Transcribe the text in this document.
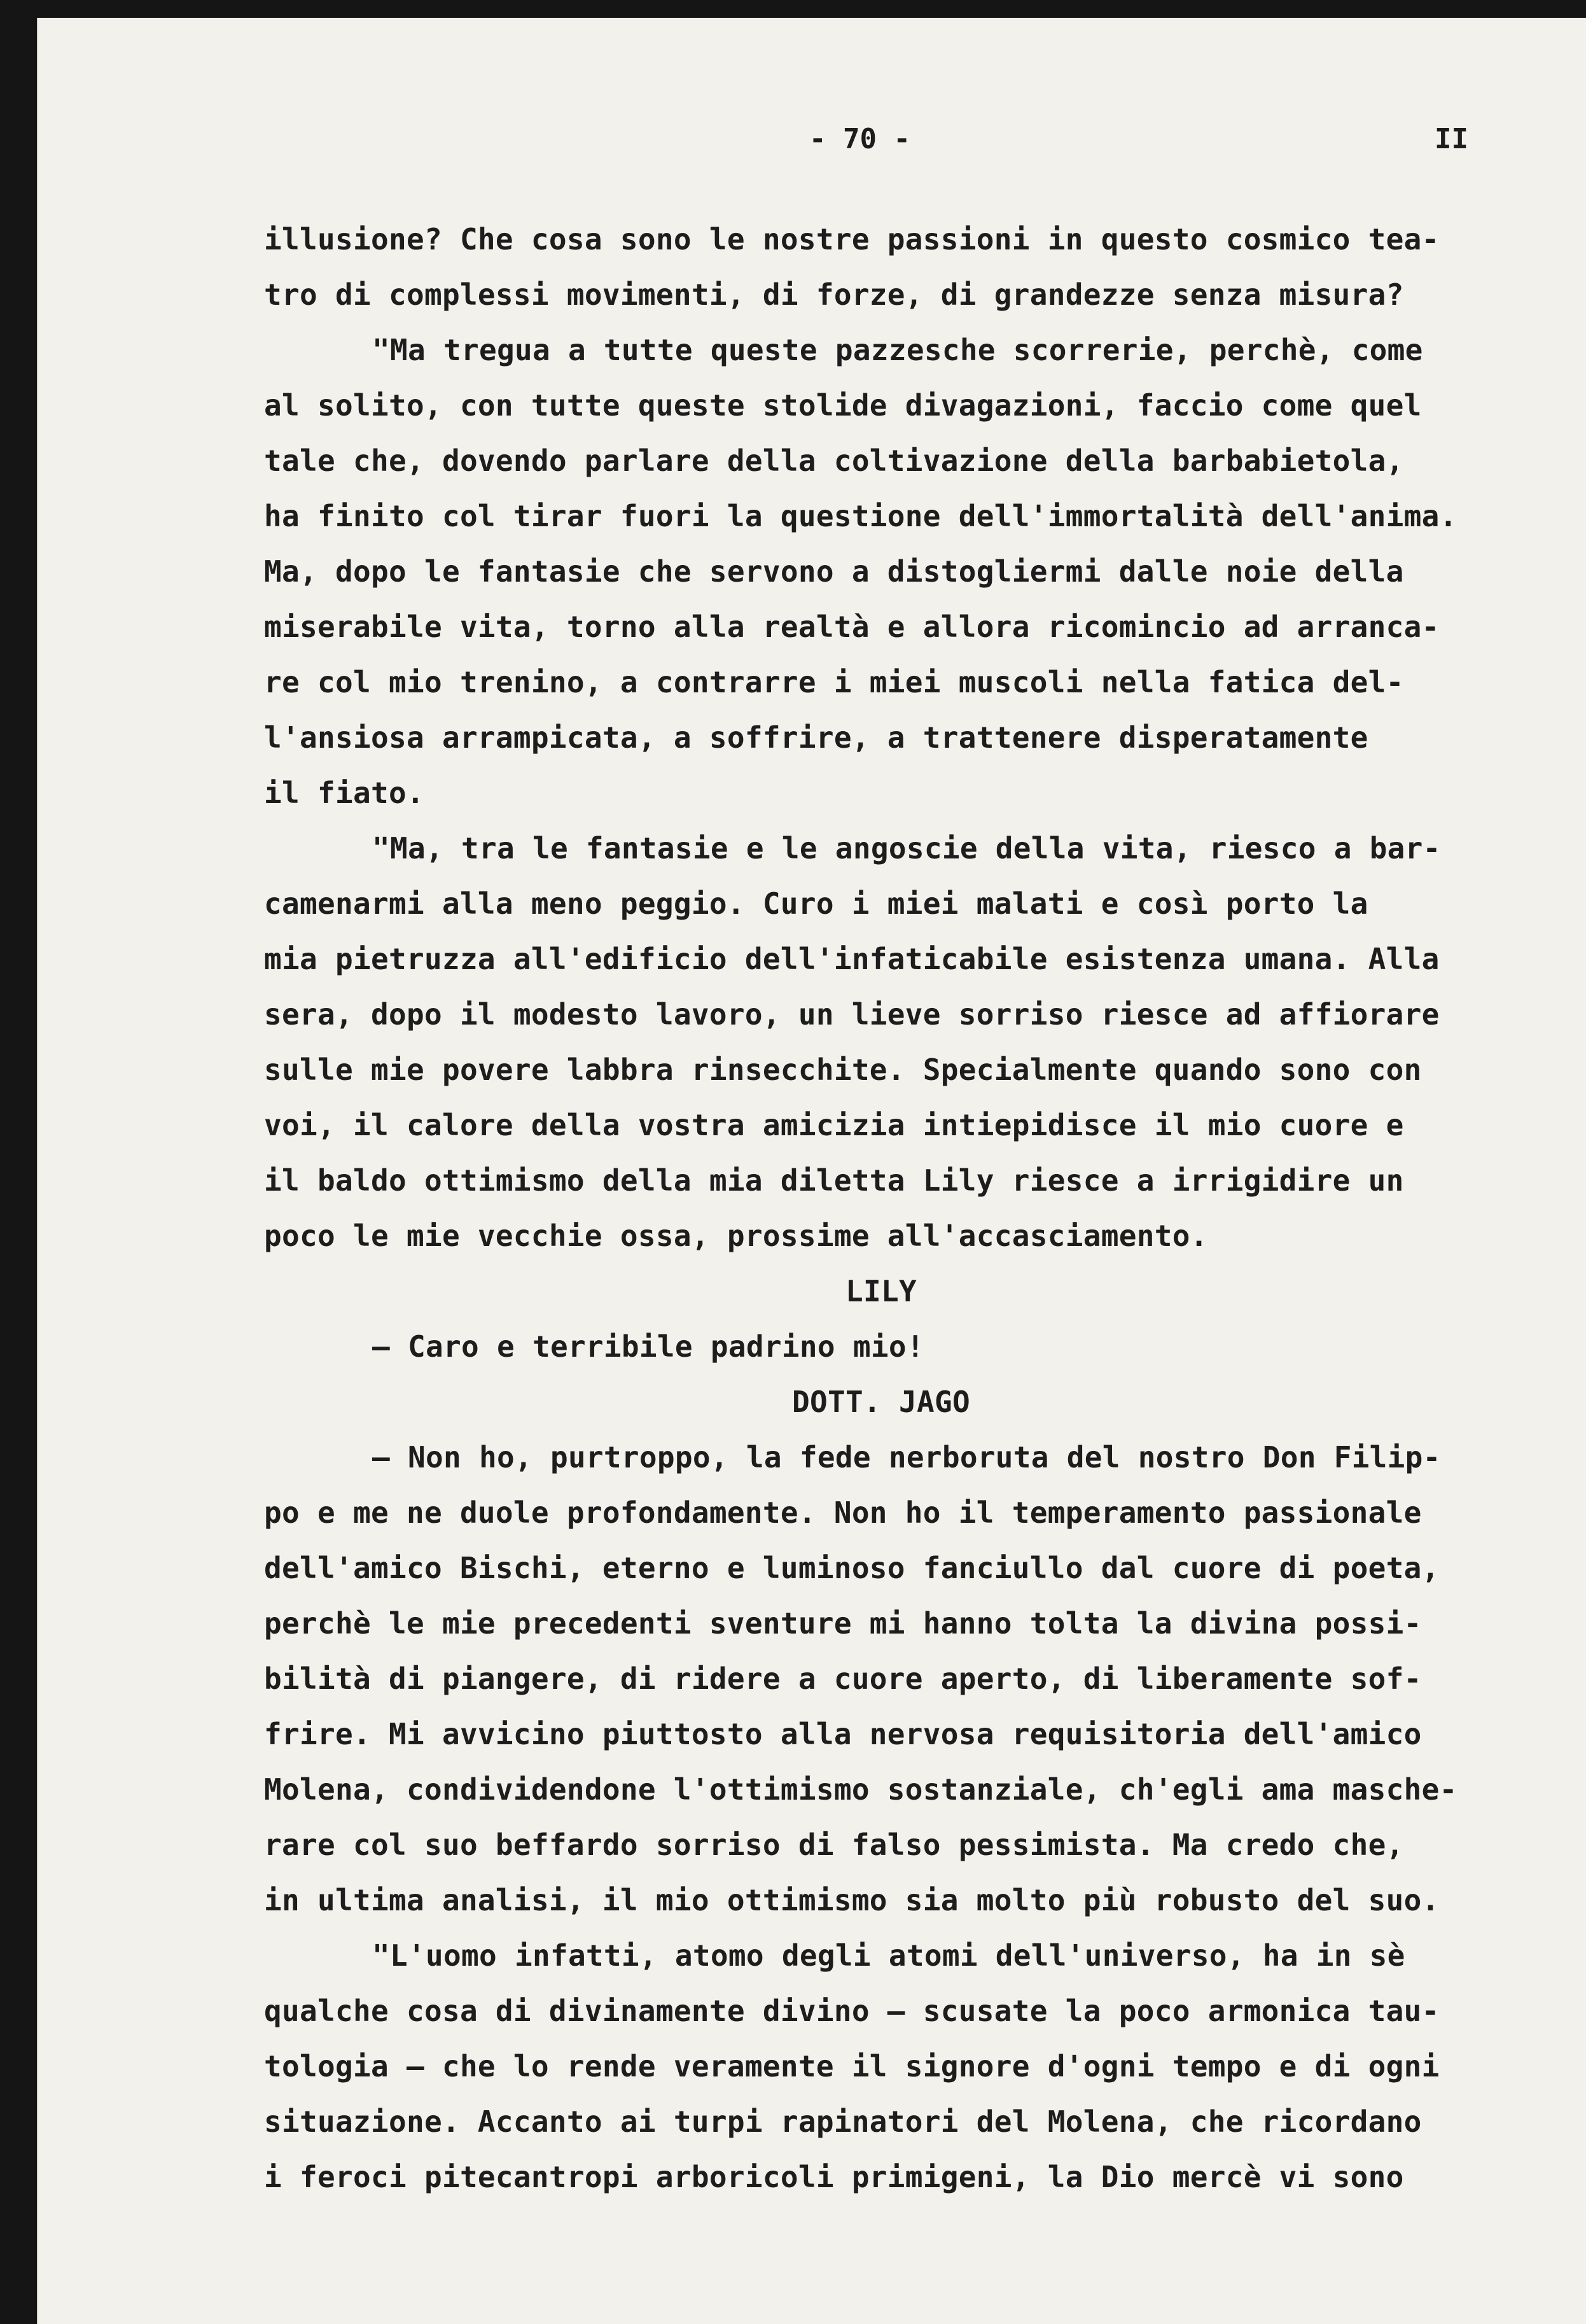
- 70 -	II
illusione? Che cosa sono le nostre passioni in questo cosmico tea-
tro di complessi movimenti, di forze, di grandezze senza misura?
"Ma tregua a tutte queste pazzesche scorrerie, perchè, come
al solito, con tutte queste stolide divagazioni, faccio come quel
tale che, dovendo parlare della coltivazione della barbabietola,
ha finito col tirar fuori la questione dell'immortalità dell'anima.
Ma, dopo le fantasie che servono a distogliermi dalle noie della
miserabile vita, torno alla realtà e allora ricomincio ad arranca-
re col mio trenino, a contrarre i miei muscoli nella fatica del-
l'ansiosa arrampicata, a soffrire, a trattenere disperatamente
il fiato.
"Ma, tra le fantasie e le angoscie della vita, riesco a bar-
camenarmi alla meno peggio. Curo i miei malati e così porto la
mia pietruzza all'edificio dell'infaticabile esistenza umana. Alla
sera, dopo il modesto lavoro, un lieve sorriso riesce ad affiorare
sulle mie povere labbra rinsecchite. Specialmente quando sono con
voi, il calore della vostra amicizia intiepidisce il mio cuore e
il baldo ottimismo della mia diletta Lily riesce a irrigidire un
poco le mie vecchie ossa, prossime all'accasciamento.
LILY
— Caro e terribile padrino mio!
DOTT. JAGO
— Non ho, purtroppo, la fede nerboruta del nostro Don Filip-
po e me ne duole profondamente. Non ho il temperamento passionale
dell'amico Bischi, eterno e luminoso fanciullo dal cuore di poeta,
perchè le mie precedenti sventure mi hanno tolta la divina possi-
bilità di piangere, di ridere a cuore aperto, di liberamente sof-
frire. Mi avvicino piuttosto alla nervosa requisitoria dell'amico
Molena, condividendone l'ottimismo sostanziale, ch'egli ama masche-
rare col suo beffardo sorriso di falso pessimista. Ma credo che,
in ultima analisi, il mio ottimismo sia molto più robusto del suo.
"L'uomo infatti, atomo degli atomi dell'universo, ha in sè
qualche cosa di divinamente divino — scusate la poco armonica tau-
tologia — che lo rende veramente il signore d'ogni tempo e di ogni
situazione. Accanto ai turpi rapinatori del Molena, che ricordano
i feroci pitecantropi arboricoli primigeni, la Dio mercè vi sono
